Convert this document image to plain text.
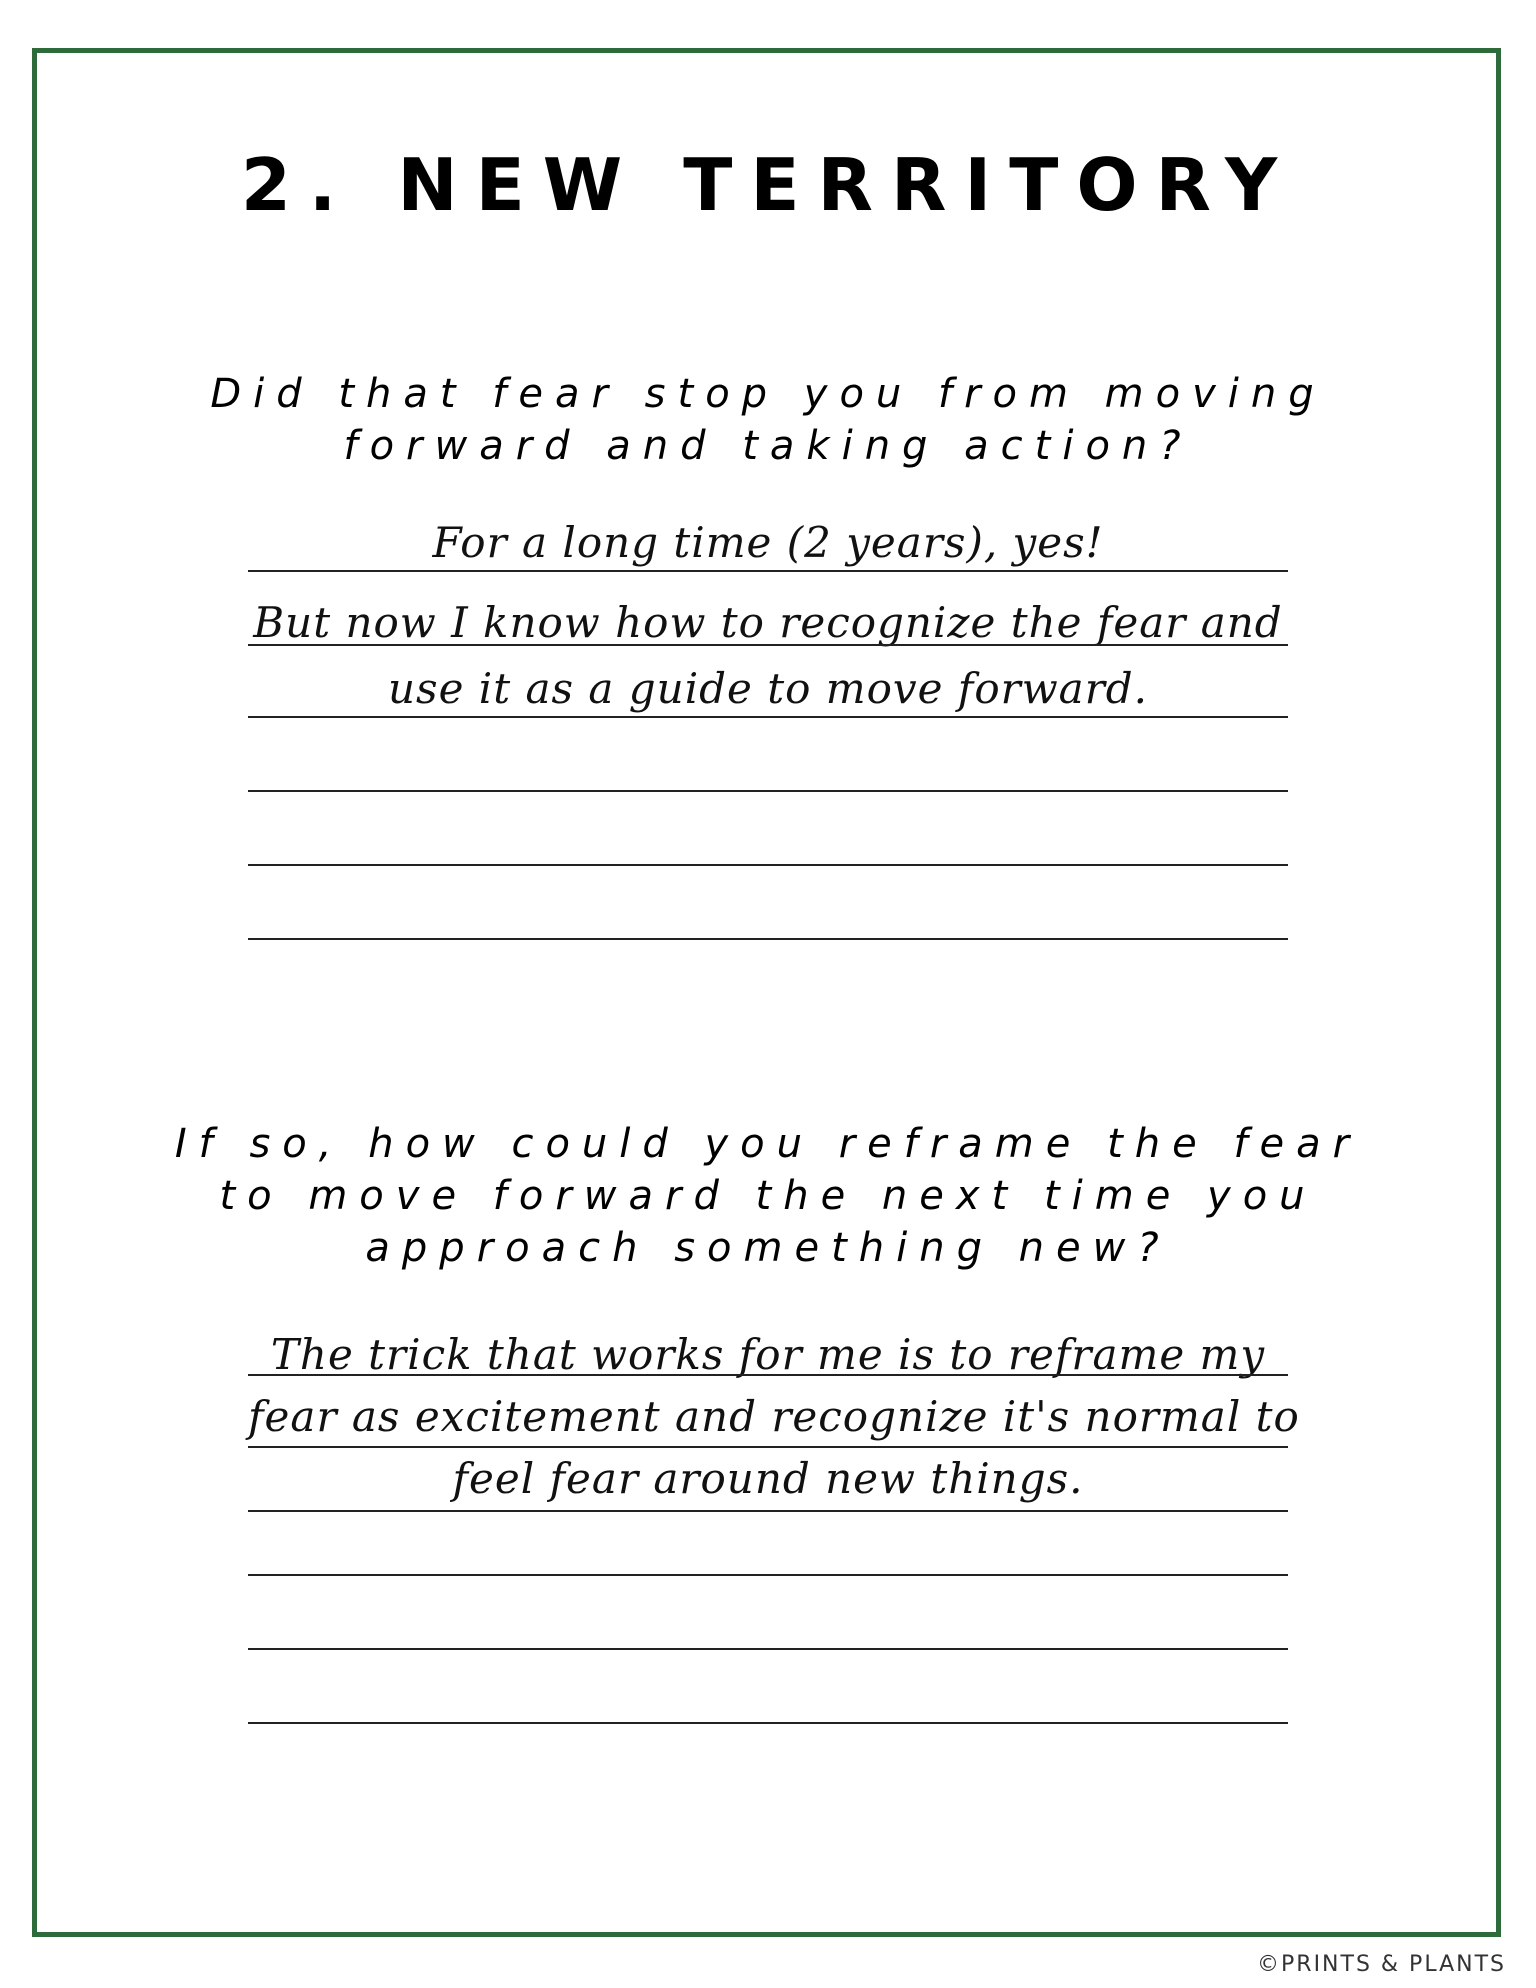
2. NEW TERRITORY
Did that fear stop you from moving
forward and taking action?
For a long time (2 years), yes!
But now I know how to recognize the fear and
use it as a guide to move forward.
If so, how could you reframe the fear
to move forward the next time you
approach something new?
The trick that works for me is to reframe my
fear as excitement and recognize it's normal to
feel fear around new things.
©PRINTS & PLANTS
